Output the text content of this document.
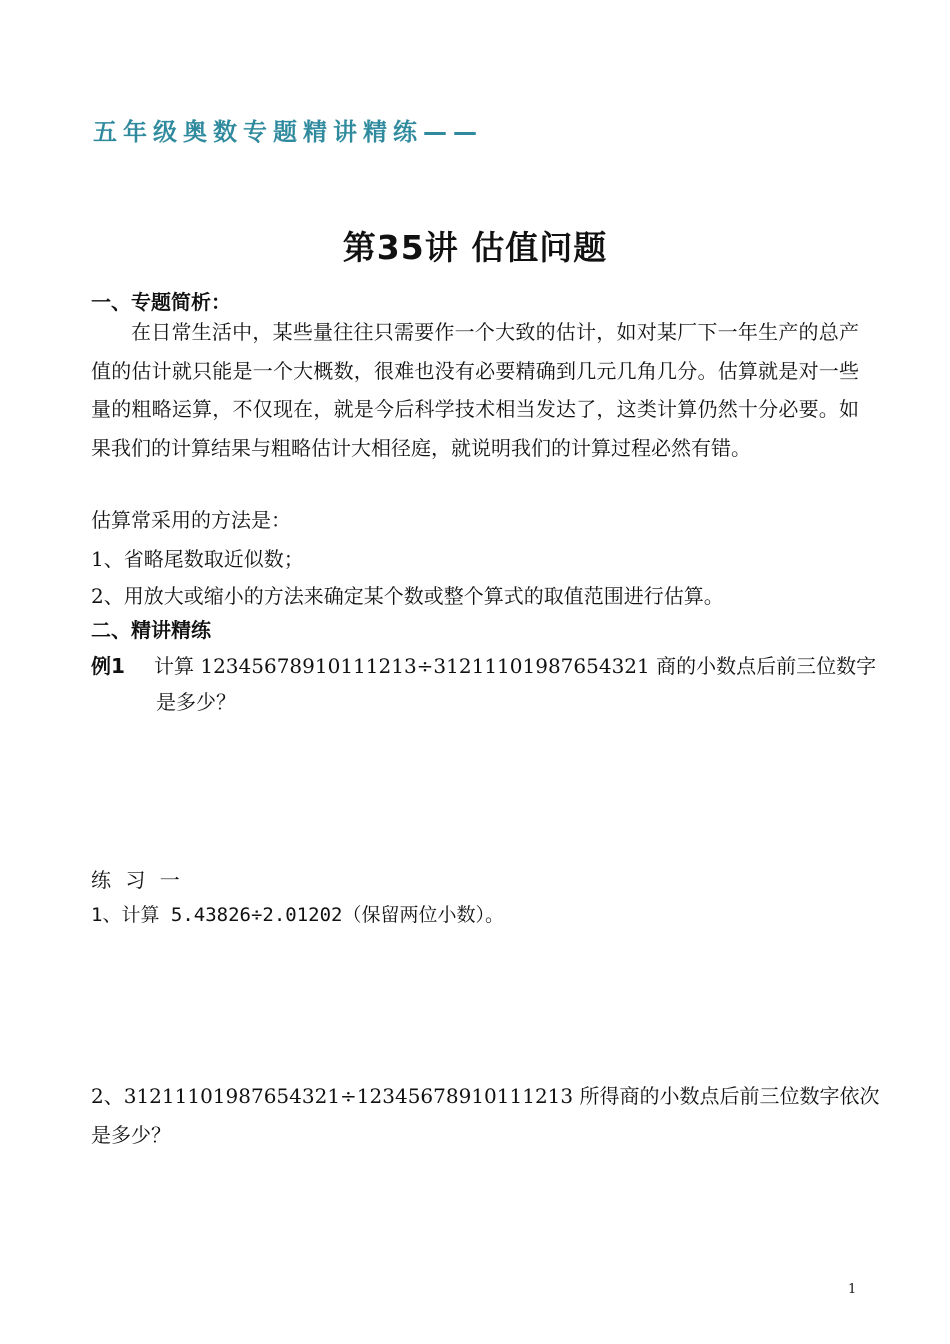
五年级奥数专题精讲精练——
第35讲 估值问题
一、专题简析：

在日常生活中，某些量往往只需要作一个大致的估计，如对某厂下一年生产的总产值的估计就只能是一个大概数，很难也没有必要精确到几元几角几分。估算就是对一些量的粗略运算，不仅现在，就是今后科学技术相当发达了，这类计算仍然十分必要。如果我们的计算结果与粗略估计大相径庭，就说明我们的计算过程必然有错。

估算常采用的方法是：
1、省略尾数取近似数；
2、用放大或缩小的方法来确定某个数或整个算式的取值范围进行估算。
二、精讲精练
例1 计算 12345678910111213÷31211101987654321 商的小数点后前三位数字
是多少？
练 习 一
1、计算 5.43826÷2.01202（保留两位小数）。
2、31211101987654321÷12345678910111213 所得商的小数点后前三位数字依次
是多少？
1
